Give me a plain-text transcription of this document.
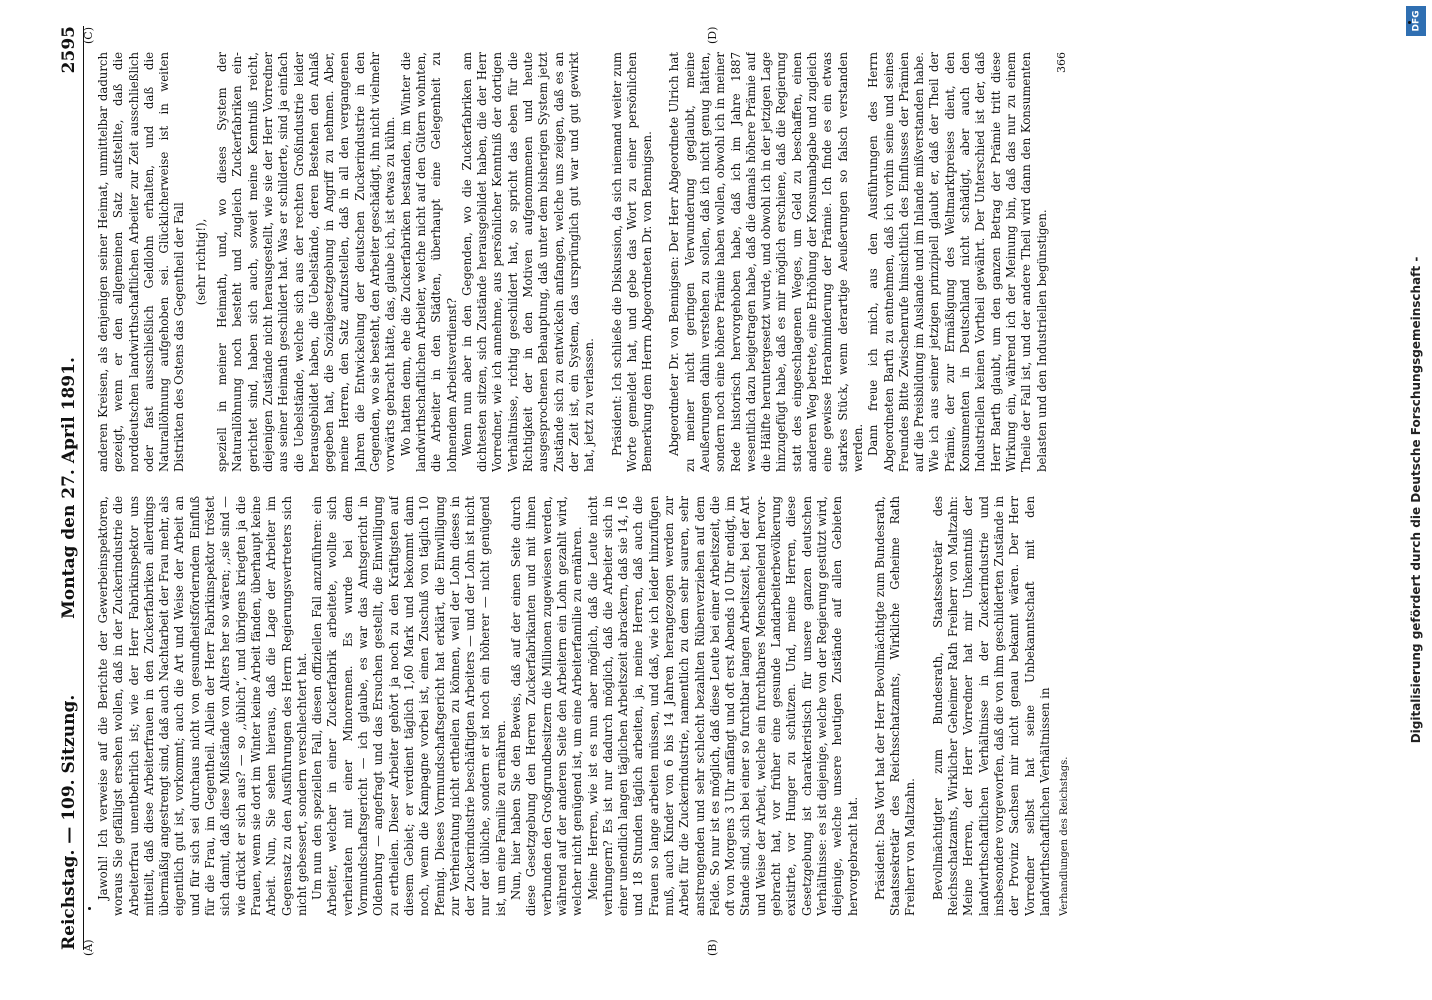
Digitalisierung gefördert durch die Deutsche Forschungsgemeinschaft -
DFG
Reichstag. — 109. Sitzung.
Montag den 27. April 1891.
2595
(A)	(B)
(C)	(D)

Jawohl! Ich verweise auf die Berichte der Gewerbeinspektoren, woraus Sie gefälligst ersehen wollen, daß in der Zuckerindustrie die Arbeiterfrau unentbehrlich ist; wie der Herr Fabrikinspektor uns mitteilt, daß diese Arbeiterfrauen in den Zuckerfabriken allerdings übermäßig angestrengt sind, daß auch Nachtarbeit der Frau mehr, als eigentlich gut ist, vorkommt; auch die Art und Weise der Arbeit an und für sich sei durchaus nicht von gesundheitsförderndem Einfluß für die Frau, im Gegentheil. Allein der Herr Fabrikinspektor tröstet sich damit, daß diese Mißstände von Alters her so wären; ,,sie sind — wie drückt er sich aus? — so ,,üblich“, und übrigens kriegten ja die Frauen, wenn sie dort im Winter keine Arbeit fänden, überhaupt keine Arbeit. Nun, Sie sehen hieraus, daß die Lage der Arbeiter im Gegensatz zu den Ausführungen des Herrn Regierungsvertreters sich nicht gebessert, sondern verschlechtert hat. Um nun den speziellen Fall, diesen offiziellen Fall anzuführen: ein Arbeiter, welcher in einer Zuckerfabrik arbeitete, wollte sich verheiraten mit einer Minorennen. Es wurde bei dem Vormundschaftsgericht — ich glaube, es war das Amtsgericht in Oldenburg — angefragt und das Ersuchen gestellt, die Einwilligung zu ertheilen. Dieser Arbeiter gehört ja noch zu den Kräftigsten auf diesem Gebiet; er verdient täglich 1,60 Mark und bekommt dann noch, wenn die Kampagne vorbei ist, einen Zuschuß von täglich 10 Pfennig. Dieses Vormundschaftsgericht hat erklärt, die Einwilligung zur Verheiratung nicht ertheilen zu können, weil der Lohn dieses in der Zuckerindustrie beschäftigten Arbeiters — und der Lohn ist nicht nur der übliche, sondern er ist noch ein höherer — nicht genügend ist, um eine Familie zu ernähren. Nun, hier haben Sie den Beweis, daß auf der einen Seite durch diese Gesetzgebung den Herren Zuckerfabrikanten und mit ihnen verbunden den Großgrundbesitzern die Millionen zugewiesen werden, während auf der anderen Seite den Arbeitern ein Lohn gezahlt wird, welcher nicht genügend ist, um eine Arbeiterfamilie zu ernähren. Meine Herren, wie ist es nun aber möglich, daß die Leute nicht verhungern? Es ist nur dadurch möglich, daß die Arbeiter sich in einer unendlich langen täglichen Arbeitszeit abrackern, daß sie 14, 16 und 18 Stunden täglich arbeiten, ja, meine Herren, daß auch die Frauen so lange arbeiten müssen, und daß, wie ich leider hinzufügen muß, auch Kinder von 6 bis 14 Jahren herangezogen werden zur Arbeit für die Zuckerindustrie, namentlich zu dem sehr sauren, sehr anstrengenden und sehr schlecht bezahlten Rübenverziehen auf dem Felde. So nur ist es möglich, daß diese Leute bei einer Arbeitszeit, die oft von Morgens 3 Uhr anfängt und oft erst Abends 10 Uhr endigt, im Stande sind, sich bei einer so furchtbar langen Arbeitszeit, bei der Art und Weise der Arbeit, welche ein furchtbares Menschenelend hervorgebracht hat, vor früher eine gesunde Landarbeiterbevölkerung existirte, vor Hunger zu schützen. Und, meine Herren, diese Gesetzgebung ist charakteristisch für unsere ganzen deutschen Verhältnisse: es ist diejenige, welche von der Regierung gestützt wird, diejenige, welche unsere heutigen Zustände auf allen Gebieten hervorgebracht hat. Präsident: Das Wort hat der Herr Bevollmächtigte zum Bundesrath, Staatssekretär des Reichsschatzamts, Wirkliche Geheime Rath Freiherr von Maltzahn. Bevollmächtigter zum Bundesrath, Staatssekretär des Reichsschatzamts, Wirklicher Geheimer Rath Freiherr von Maltzahn: Meine Herren, der Herr Vorredner hat mir Unkenntniß der landwirthschaftlichen Verhältnisse in der Zuckerindustrie und insbesondere vorgeworfen, daß die von ihm geschilderten Zustände in der Provinz Sachsen mir nicht genau bekannt wären. Der Herr Vorredner selbst hat seine Unbekanntschaft mit den landwirthschaftlichen Verhältnissen in Verhandlungen des Reichstags.

anderen Kreisen, als denjenigen seiner Heimat, unmittelbar dadurch gezeigt, wenn er den allgemeinen Satz aufstellte, daß die norddeutschen landwirthschaftlichen Arbeiter zur Zeit ausschließlich oder fast ausschließlich Geldlohn erhalten, und daß die Naturallöhnung aufgehoben sei. Glücklicherweise ist in weiten Distrikten des Ostens das Gegentheil der Fall (sehr richtig!), speziell in meiner Heimath, und, wo dieses System der Naturallöhnung noch besteht und zugleich Zuckerfabriken eingerichtet sind, haben sich auch, soweit meine Kenntniß reicht, diejenigen Zustände nicht herausgestellt, wie sie der Herr Vorredner aus seiner Heimath geschildert hat. Was er schilderte, sind ja einfach die Uebelstände, welche sich aus der rechten Großindustrie leider herausgebildet haben, die Uebelstände, deren Bestehen den Anlaß gegeben hat, die Sozialgesetzgebung in Angriff zu nehmen. Aber, meine Herren, den Satz aufzustellen, daß in all den vergangenen Jahren die Entwickelung der deutschen Zuckerindustrie in den Gegenden, wo sie besteht, den Arbeiter geschädigt, ihn nicht vielmehr vorwärts gebracht hätte, das, glaube ich, ist etwas zu kühn. Wo hatten denn, ehe die Zuckerfabriken bestanden, im Winter die landwirthschaftlichen Arbeiter, welche nicht auf den Gütern wohnten, die Arbeiter in den Städten, überhaupt eine Gelegenheit zu lohnendem Arbeitsverdienst? Wenn nun aber in den Gegenden, wo die Zuckerfabriken am dichtesten sitzen, sich Zustände herausgebildet haben, die der Herr Vorredner, wie ich annehme, aus persönlicher Kenntniß der dortigen Verhältnisse, richtig geschildert hat, so spricht das eben für die Richtigkeit der in den Motiven aufgenommenen und heute ausgesprochenen Behauptung, daß unter dem bisherigen System jetzt Zustände sich zu entwickeln anfangen, welche uns zeigen, daß es an der Zeit ist, ein System, das ursprünglich gut war und gut gewirkt hat, jetzt zu verlassen. Präsident: Ich schließe die Diskussion, da sich niemand weiter zum Worte gemeldet hat, und gebe das Wort zu einer persönlichen Bemerkung dem Herrn Abgeordneten Dr. von Bennigsen. Abgeordneter Dr. von Bennigsen: Der Herr Abgeordnete Ulrich hat zu meiner nicht geringen Verwunderung geglaubt, meine Aeußerungen dahin verstehen zu sollen, daß ich nicht genug hätten, sondern noch eine höhere Prämie haben wollen, obwohl ich in meiner Rede historisch hervorgehoben habe, daß ich im Jahre 1887 wesentlich dazu beigetragen habe, daß die damals höhere Prämie auf die Hälfte heruntergesetzt wurde, und obwohl ich in der jetzigen Lage hinzugefügt habe, daß es mir möglich erschiene, daß die Regierung statt des eingeschlagenen Weges, um Geld zu beschaffen, einen anderen Weg betrete, eine Erhöhung der Konsumabgabe und zugleich eine gewisse Herabminderung der Prämie. Ich finde es ein etwas starkes Stück, wenn derartige Aeußerungen so falsch verstanden werden. Dann freue ich mich, aus den Ausführungen des Herrn Abgeordneten Barth zu entnehmen, daß ich vorhin seine und seines Freundes Bitte Zwischenrufe hinsichtlich des Einflusses der Prämien auf die Preisbildung im Auslande und im Inlande mißverstanden habe. Wie ich aus seiner jetzigen prinzipiell glaubt er, daß der Theil der Prämie, der zur Ermäßigung des Weltmarktpreises dient, den Konsumenten in Deutschland nicht schädigt, aber auch den Industriellen keinen Vortheil gewährt. Der Unterschied ist der, daß Herr Barth glaubt, um den ganzen Betrag der Prämie tritt diese Wirkung ein, während ich der Meinung bin, daß das nur zu einem Theile der Fall ist, und der andere Theil wird dann den Konsumenten belasten und den Industriellen begünstigen.

366
